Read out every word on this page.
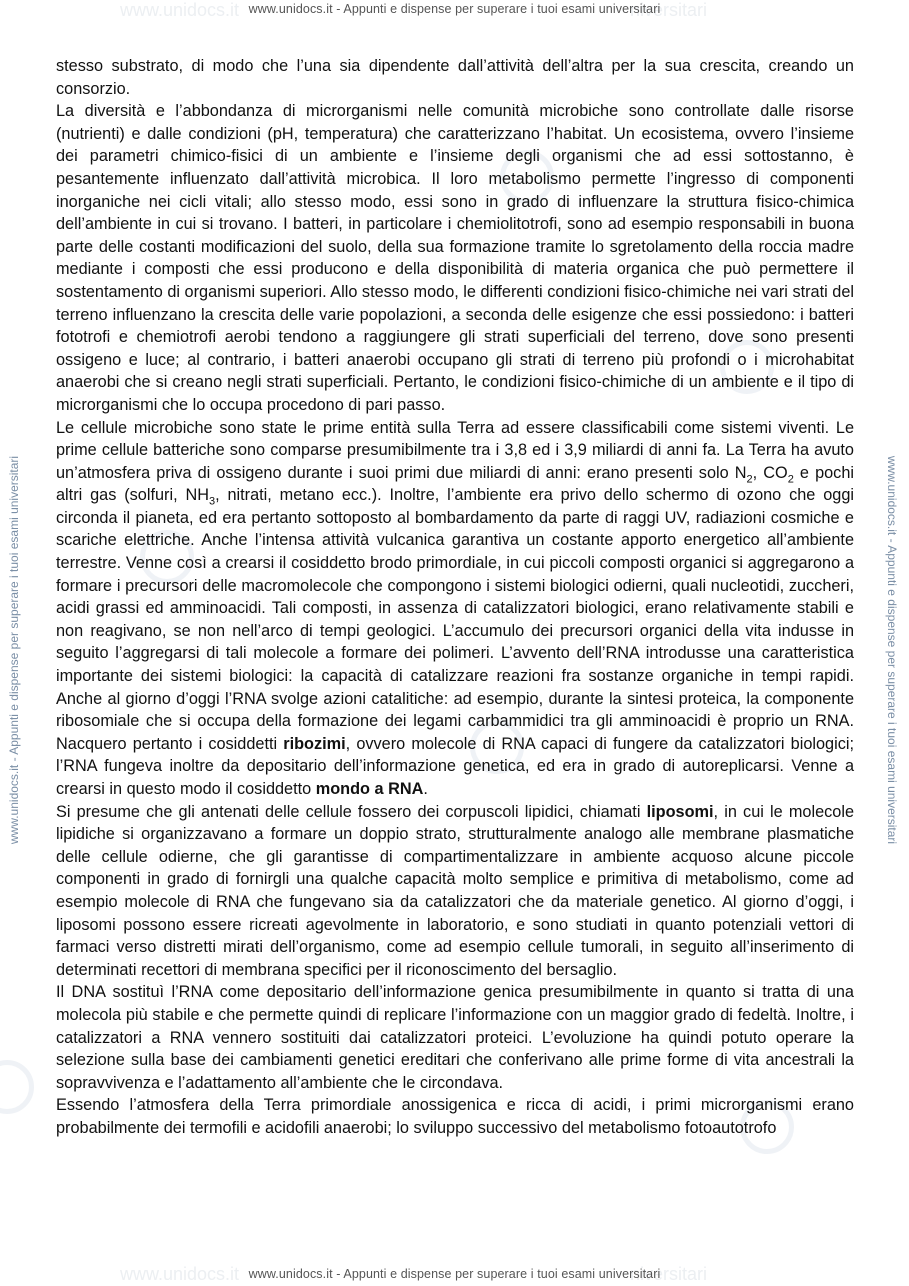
www.unidocs.it	niversitari
www.unidocs.it - Appunti e dispense per superare i tuoi esami universitari
www.unidocs.it - Appunti e dispense per superare i tuoi esami universitari	www.unidocs.it - Appunti e dispense per superare i tuoi esami universitari

stesso substrato, di modo che l’una sia dipendente dall’attività dell’altra per la sua crescita, creando un consorzio.

La diversità e l’abbondanza di microrganismi nelle comunità microbiche sono controllate dalle risorse (nutrienti) e dalle condizioni (pH, temperatura) che caratterizzano l’habitat. Un ecosistema, ovvero l’insieme dei parametri chimico-fisici di un ambiente e l’insieme degli organismi che ad essi sottostanno, è pesantemente influenzato dall’attività microbica. Il loro metabolismo permette l’ingresso di componenti inorganiche nei cicli vitali; allo stesso modo, essi sono in grado di influenzare la struttura fisico-chimica dell’ambiente in cui si trovano. I batteri, in particolare i chemiolitotrofi, sono ad esempio responsabili in buona parte delle costanti modificazioni del suolo, della sua formazione tramite lo sgretolamento della roccia madre mediante i composti che essi producono e della disponibilità di materia organica che può permettere il sostentamento di organismi superiori. Allo stesso modo, le differenti condizioni fisico-chimiche nei vari strati del terreno influenzano la crescita delle varie popolazioni, a seconda delle esigenze che essi possiedono: i batteri fototrofi e chemiotrofi aerobi tendono a raggiungere gli strati superficiali del terreno, dove sono presenti ossigeno e luce; al contrario, i batteri anaerobi occupano gli strati di terreno più profondi o i microhabitat anaerobi che si creano negli strati superficiali. Pertanto, le condizioni fisico-chimiche di un ambiente e il tipo di microrganismi che lo occupa procedono di pari passo.

Le cellule microbiche sono state le prime entità sulla Terra ad essere classificabili come sistemi viventi. Le prime cellule batteriche sono comparse presumibilmente tra i 3,8 ed i 3,9 miliardi di anni fa. La Terra ha avuto un’atmosfera priva di ossigeno durante i suoi primi due miliardi di anni: erano presenti solo $N_2$, $CO_2$ e pochi altri gas (solfuri, $NH_3$, nitrati, metano ecc.). Inoltre, l’ambiente era privo dello schermo di ozono che oggi circonda il pianeta, ed era pertanto sottoposto al bombardamento da parte di raggi UV, radiazioni cosmiche e scariche elettriche. Anche l’intensa attività vulcanica garantiva un costante apporto energetico all’ambiente terrestre. Venne così a crearsi il cosiddetto brodo primordiale, in cui piccoli composti organici si aggregarono a formare i precursori delle macromolecole che compongono i sistemi biologici odierni, quali nucleotidi, zuccheri, acidi grassi ed amminoacidi. Tali composti, in assenza di catalizzatori biologici, erano relativamente stabili e non reagivano, se non nell’arco di tempi geologici. L’accumulo dei precursori organici della vita indusse in seguito l’aggregarsi di tali molecole a formare dei polimeri. L’avvento dell’RNA introdusse una caratteristica importante dei sistemi biologici: la capacità di catalizzare reazioni fra sostanze organiche in tempi rapidi. Anche al giorno d’oggi l’RNA svolge azioni catalitiche: ad esempio, durante la sintesi proteica, la componente ribosomiale che si occupa della formazione dei legami carbammidici tra gli amminoacidi è proprio un RNA. Nacquero pertanto i cosiddetti ribozimi, ovvero molecole di RNA capaci di fungere da catalizzatori biologici; l’RNA fungeva inoltre da depositario dell’informazione genetica, ed era in grado di autoreplicarsi. Venne a crearsi in questo modo il cosiddetto mondo a RNA.

Si presume che gli antenati delle cellule fossero dei corpuscoli lipidici, chiamati liposomi, in cui le molecole lipidiche si organizzavano a formare un doppio strato, strutturalmente analogo alle membrane plasmatiche delle cellule odierne, che gli garantisse di compartimentalizzare in ambiente acquoso alcune piccole componenti in grado di fornirgli una qualche capacità molto semplice e primitiva di metabolismo, come ad esempio molecole di RNA che fungevano sia da catalizzatori che da materiale genetico. Al giorno d’oggi, i liposomi possono essere ricreati agevolmente in laboratorio, e sono studiati in quanto potenziali vettori di farmaci verso distretti mirati dell’organismo, come ad esempio cellule tumorali, in seguito all’inserimento di determinati recettori di membrana specifici per il riconoscimento del bersaglio.

Il DNA sostituì l’RNA come depositario dell’informazione genica presumibilmente in quanto si tratta di una molecola più stabile e che permette quindi di replicare l’informazione con un maggior grado di fedeltà. Inoltre, i catalizzatori a RNA vennero sostituiti dai catalizzatori proteici. L’evoluzione ha quindi potuto operare la selezione sulla base dei cambiamenti genetici ereditari che conferivano alle prime forme di vita ancestrali la sopravvivenza e l’adattamento all’ambiente che le circondava.

Essendo l’atmosfera della Terra primordiale anossigenica e ricca di acidi, i primi microrganismi erano probabilmente dei termofili e acidofili anaerobi; lo sviluppo successivo del metabolismo fotoautotrofo

www.unidocs.it	niversitari
www.unidocs.it - Appunti e dispense per superare i tuoi esami universitari
